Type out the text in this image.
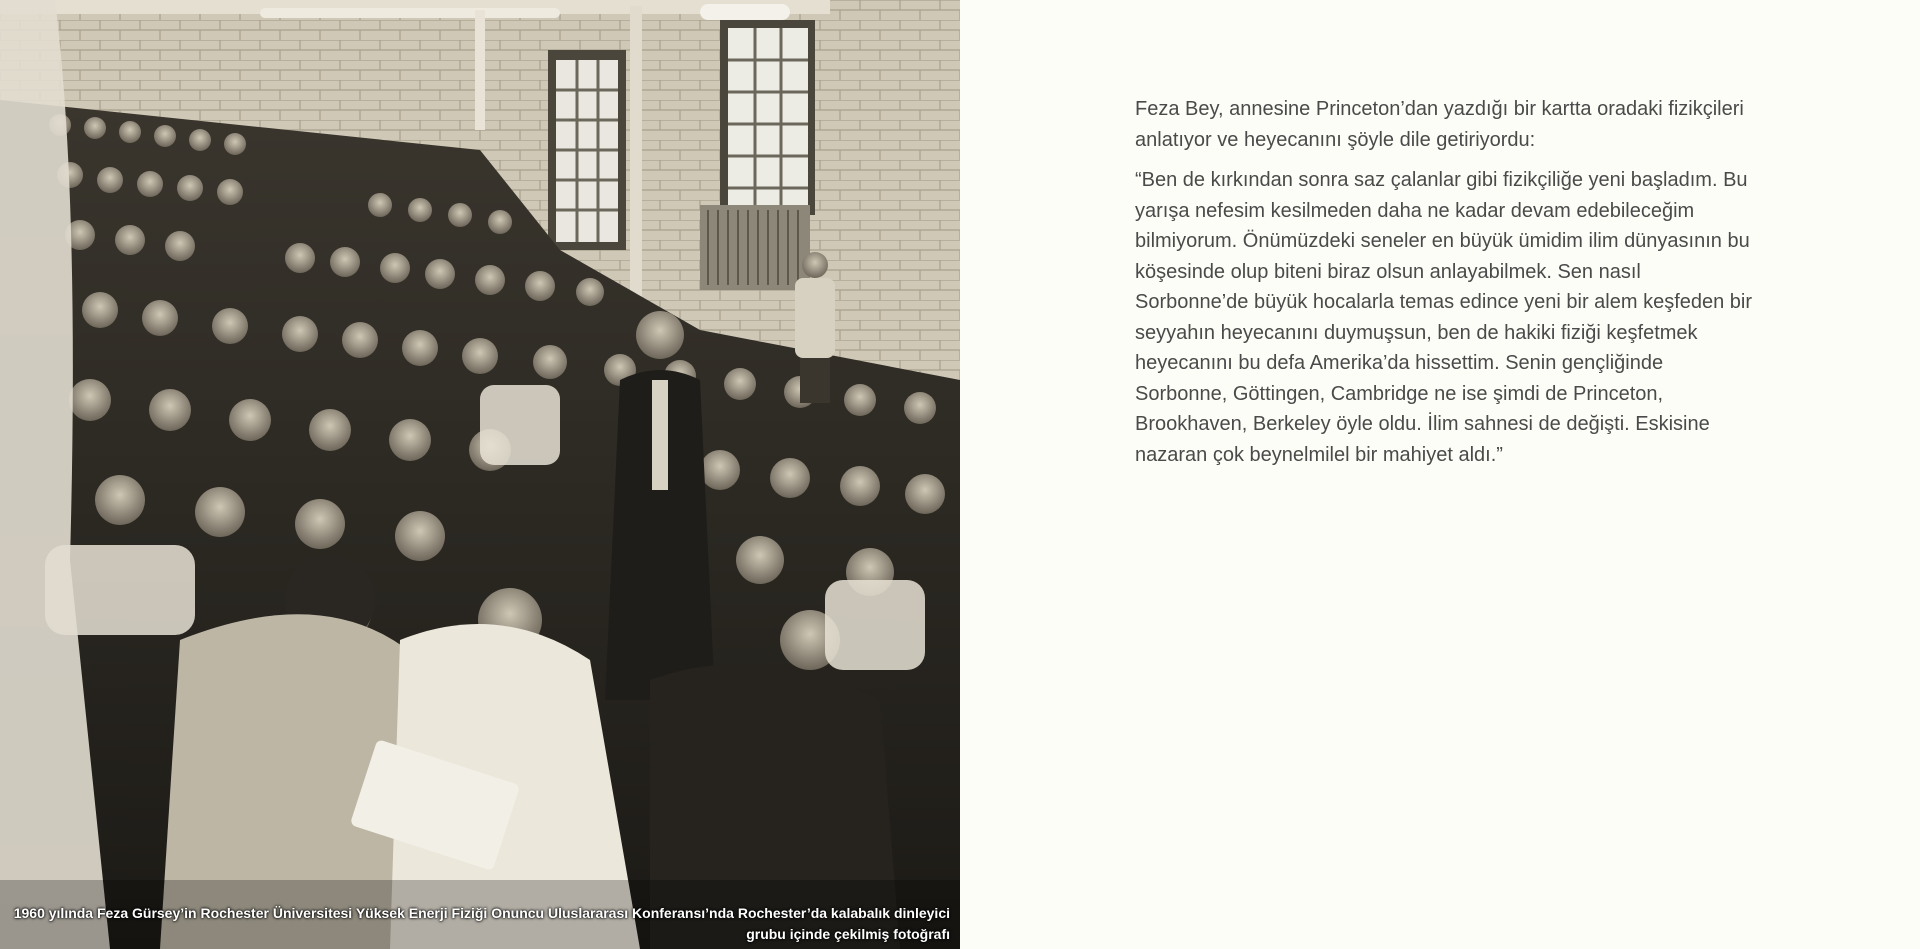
1960 yılında Feza Gürsey’in Rochester Üniversitesi Yüksek Enerji Fiziği Onuncu Uluslararası Konferansı’nda Rochester’da kalabalık dinleyici grubu içinde çekilmiş fotoğrafı

Feza Bey, annesine Princeton’dan yazdığı bir kartta oradaki fizikçileri anlatıyor ve heyecanını şöyle dile getiriyordu:

“Ben de kırkından sonra saz çalanlar gibi fizikçiliğe yeni başladım. Bu yarışa nefesim kesilmeden daha ne kadar devam edebileceğim bilmiyorum. Önümüzdeki seneler en büyük ümidim ilim dünyasının bu köşesinde olup biteni biraz olsun anlayabilmek. Sen nasıl Sorbonne’de büyük hocalarla temas edince yeni bir alem keşfeden bir seyyahın heyecanını duymuşsun, ben de hakiki fiziği keşfetmek heyecanını bu defa Amerika’da hissettim. Senin gençliğinde Sorbonne, Göttingen, Cambridge ne ise şimdi de Princeton, Brookhaven, Berkeley öyle oldu. İlim sahnesi de değişti. Eskisine nazaran çok beynelmilel bir mahiyet aldı.”
